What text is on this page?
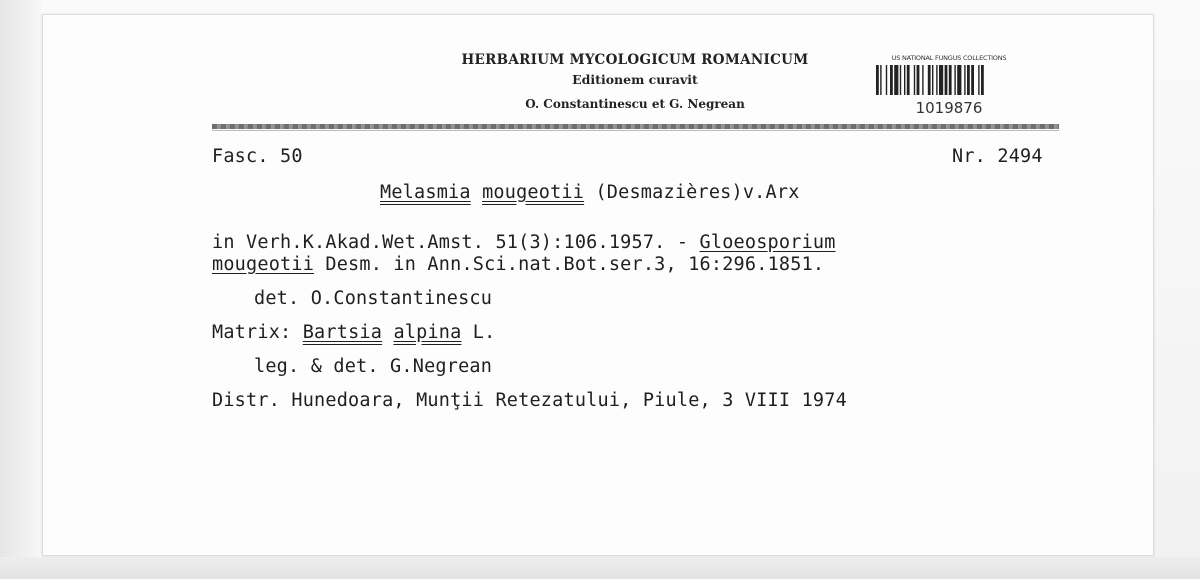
HERBARIUM MYCOLOGICUM ROMANICUM
Editionem curavit
O. Constantinescu et G. Negrean
US NATIONAL FUNGUS COLLECTIONS
1019876
Fasc. 50	Nr. 2494
Melasmia mougeotii (Desmazières)v.Arx
in Verh.K.Akad.Wet.Amst. 51(3):106.1957. - Gloeosporium
mougeotii Desm. in Ann.Sci.nat.Bot.ser.3, 16:296.1851.
det. O.Constantinescu
Matrix: Bartsia alpina L.
leg. & det. G.Negrean
Distr. Hunedoara, Munţii Retezatului, Piule, 3 VIII 1974
